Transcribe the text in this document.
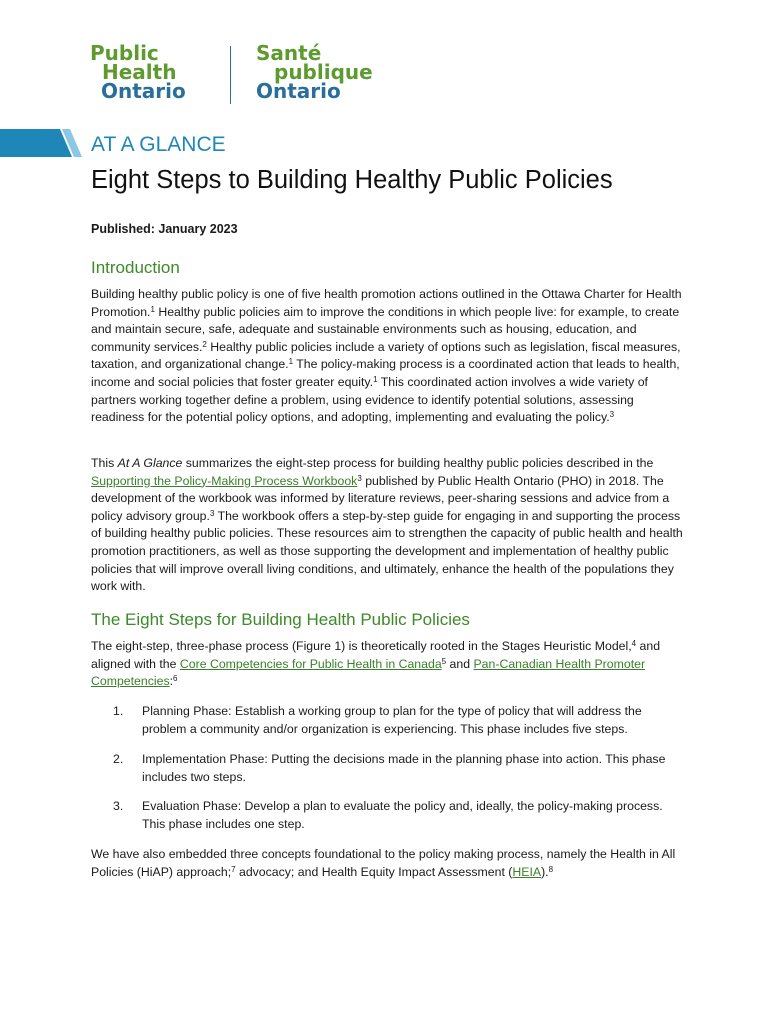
Public
Health
Ontario
Santé
publique
Ontario
AT A GLANCE
Eight Steps to Building Healthy Public Policies
Published: January 2023
Introduction

Building healthy public policy is one of five health promotion actions outlined in the Ottawa Charter for Health Promotion.$^1$ Healthy public policies aim to improve the conditions in which people live: for example, to create and maintain secure, safe, adequate and sustainable environments such as housing, education, and community services.$^2$ Healthy public policies include a variety of options such as legislation, fiscal measures, taxation, and organizational change.$^1$ The policy-making process is a coordinated action that leads to health, income and social policies that foster greater equity.$^1$ This coordinated action involves a wide variety of partners working together define a problem, using evidence to identify potential solutions, assessing readiness for the potential policy options, and adopting, implementing and evaluating the policy.$^3$

This At A Glance summarizes the eight-step process for building healthy public policies described in the Supporting the Policy-Making Process Workbook$^3$ published by Public Health Ontario (PHO) in 2018. The development of the workbook was informed by literature reviews, peer-sharing sessions and advice from a policy advisory group.$^3$ The workbook offers a step-by-step guide for engaging in and supporting the process of building healthy public policies. These resources aim to strengthen the capacity of public health and health promotion practitioners, as well as those supporting the development and implementation of healthy public policies that will improve overall living conditions, and ultimately, enhance the health of the populations they work with.

The Eight Steps for Building Health Public Policies

The eight-step, three-phase process (Figure 1) is theoretically rooted in the Stages Heuristic Model,$^4$ and aligned with the Core Competencies for Public Health in Canada$^5$ and Pan-Canadian Health Promoter Competencies:$^6$

1. Planning Phase: Establish a working group to plan for the type of policy that will address the problem a community and/or organization is experiencing. This phase includes five steps.
2. Implementation Phase: Putting the decisions made in the planning phase into action. This phase includes two steps.
3. Evaluation Phase: Develop a plan to evaluate the policy and, ideally, the policy-making process. This phase includes one step.

We have also embedded three concepts foundational to the policy making process, namely the Health in All Policies (HiAP) approach;$^7$ advocacy; and Health Equity Impact Assessment (HEIA).$^8$
